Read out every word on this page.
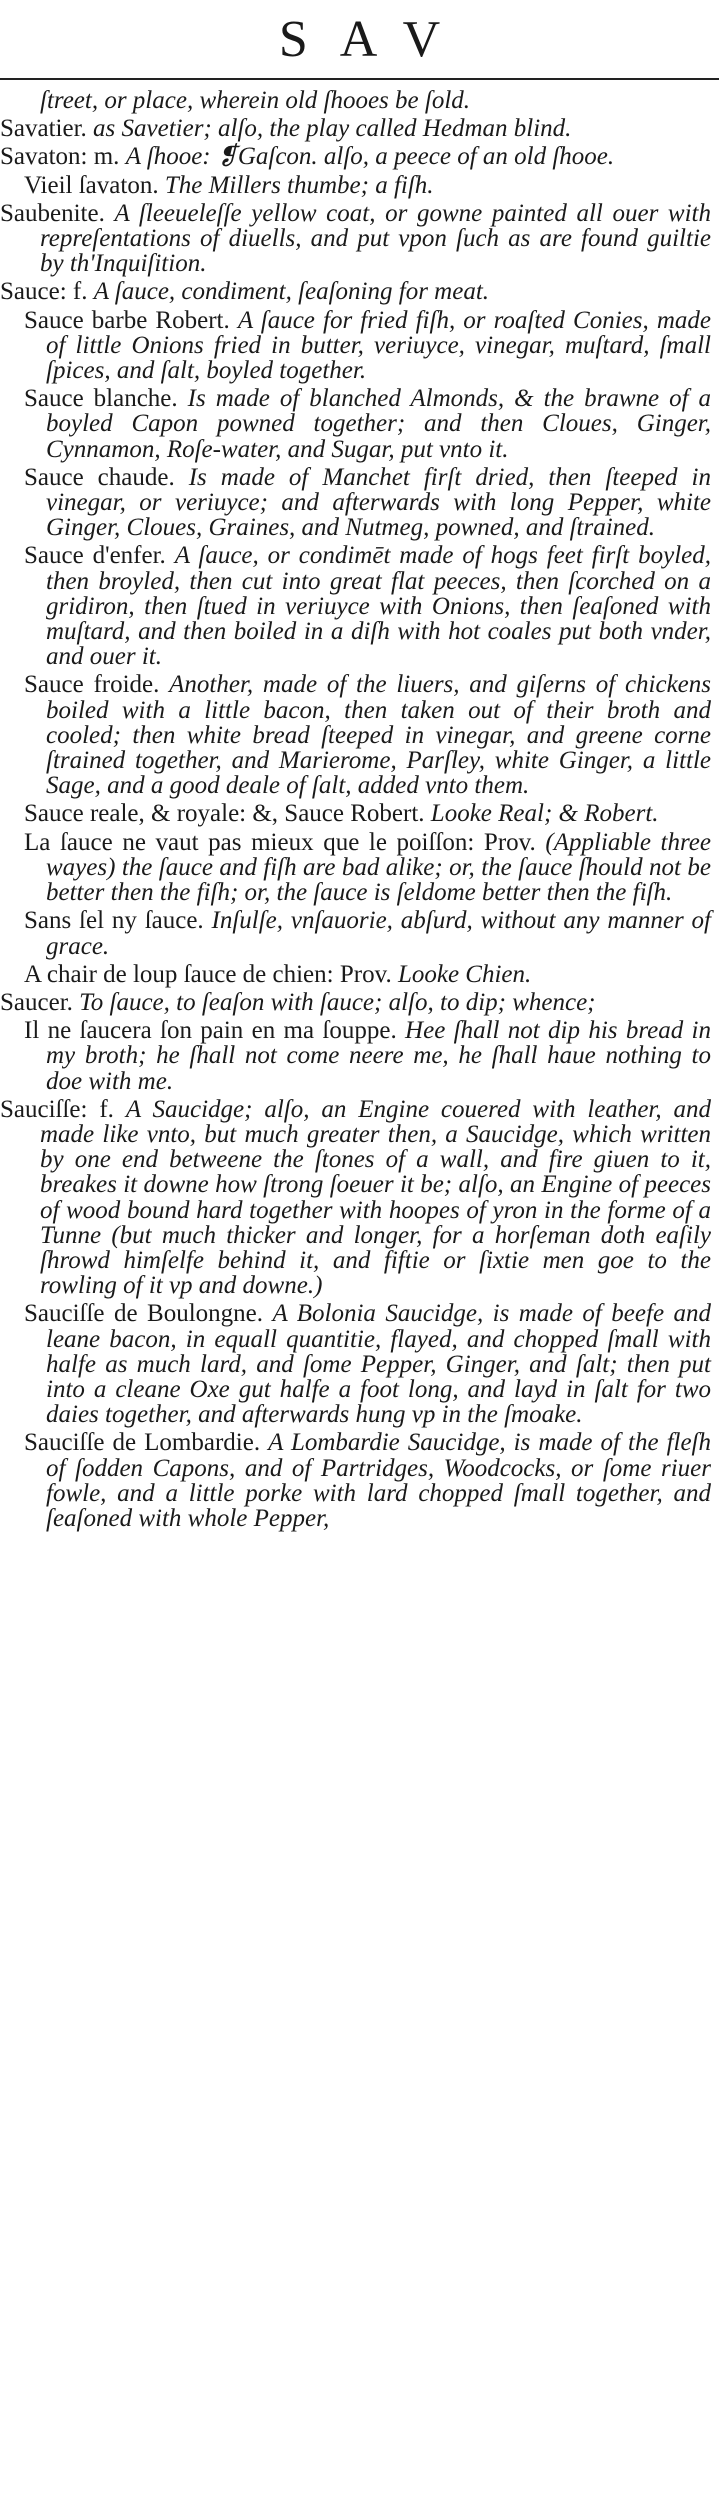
SAV

ſtreet, or place, wherein old ſhooes be ſold.

Savatier. as Savetier; alſo, the play called Hedman blind.

Savaton: m. A ſhooe: ❡Gaſcon. alſo, a peece of an old ſhooe.

Vieil ſavaton. The Millers thumbe; a fiſh.

Saubenite. A ſleeueleſſe yellow coat, or gowne painted all ouer with repreſentations of diuells, and put vpon ſuch as are found guiltie by th'Inquiſition.

Sauce: f. A ſauce, condiment, ſeaſoning for meat.

Sauce barbe Robert. A ſauce for fried fiſh, or roaſted Conies, made of little Onions fried in butter, veriuyce, vinegar, muſtard, ſmall ſpices, and ſalt, boyled together.

Sauce blanche. Is made of blanched Almonds, & the brawne of a boyled Capon powned together; and then Cloues, Ginger, Cynnamon, Roſe-water, and Sugar, put vnto it.

Sauce chaude. Is made of Manchet firſt dried, then ſteeped in vinegar, or veriuyce; and afterwards with long Pepper, white Ginger, Cloues, Graines, and Nutmeg, powned, and ſtrained.

Sauce d'enfer. A ſauce, or condimēt made of hogs feet firſt boyled, then broyled, then cut into great flat peeces, then ſcorched on a gridiron, then ſtued in veriuyce with Onions, then ſeaſoned with muſtard, and then boiled in a diſh with hot coales put both vnder, and ouer it.

Sauce froide. Another, made of the liuers, and giſerns of chickens boiled with a little bacon, then taken out of their broth and cooled; then white bread ſteeped in vinegar, and greene corne ſtrained together, and Marierome, Parſley, white Ginger, a little Sage, and a good deale of ſalt, added vnto them.

Sauce reale, & royale: &, Sauce Robert. Looke Real; & Robert.

La ſauce ne vaut pas mieux que le poiſſon: Prov. (Appliable three wayes) the ſauce and fiſh are bad alike; or, the ſauce ſhould not be better then the fiſh; or, the ſauce is ſeldome better then the fiſh.

Sans ſel ny ſauce. Inſulſe, vnſauorie, abſurd, without any manner of grace.

A chair de loup ſauce de chien: Prov. Looke Chien.

Saucer. To ſauce, to ſeaſon with ſauce; alſo, to dip; whence;

Il ne ſaucera ſon pain en ma ſouppe. Hee ſhall not dip his bread in my broth; he ſhall not come neere me, he ſhall haue nothing to doe with me.

Sauciſſe: f. A Saucidge; alſo, an Engine couered with leather, and made like vnto, but much greater then, a Saucidge, which written by one end betweene the ſtones of a wall, and fire giuen to it, breakes it downe how ſtrong ſoeuer it be; alſo, an Engine of peeces of wood bound hard together with hoopes of yron in the forme of a Tunne (but much thicker and longer, for a horſeman doth eaſily ſhrowd himſelfe behind it, and fiftie or ſixtie men goe to the rowling of it vp and downe.)

Sauciſſe de Boulongne. A Bolonia Saucidge, is made of beefe and leane bacon, in equall quantitie, flayed, and chopped ſmall with halfe as much lard, and ſome Pepper, Ginger, and ſalt; then put into a cleane Oxe gut halfe a foot long, and layd in ſalt for two daies together, and afterwards hung vp in the ſmoake.

Sauciſſe de Lombardie. A Lombardie Saucidge, is made of the fleſh of ſodden Capons, and of Partridges, Woodcocks, or ſome riuer fowle, and a little porke with lard chopped ſmall together, and ſeaſoned with whole Pepper,
